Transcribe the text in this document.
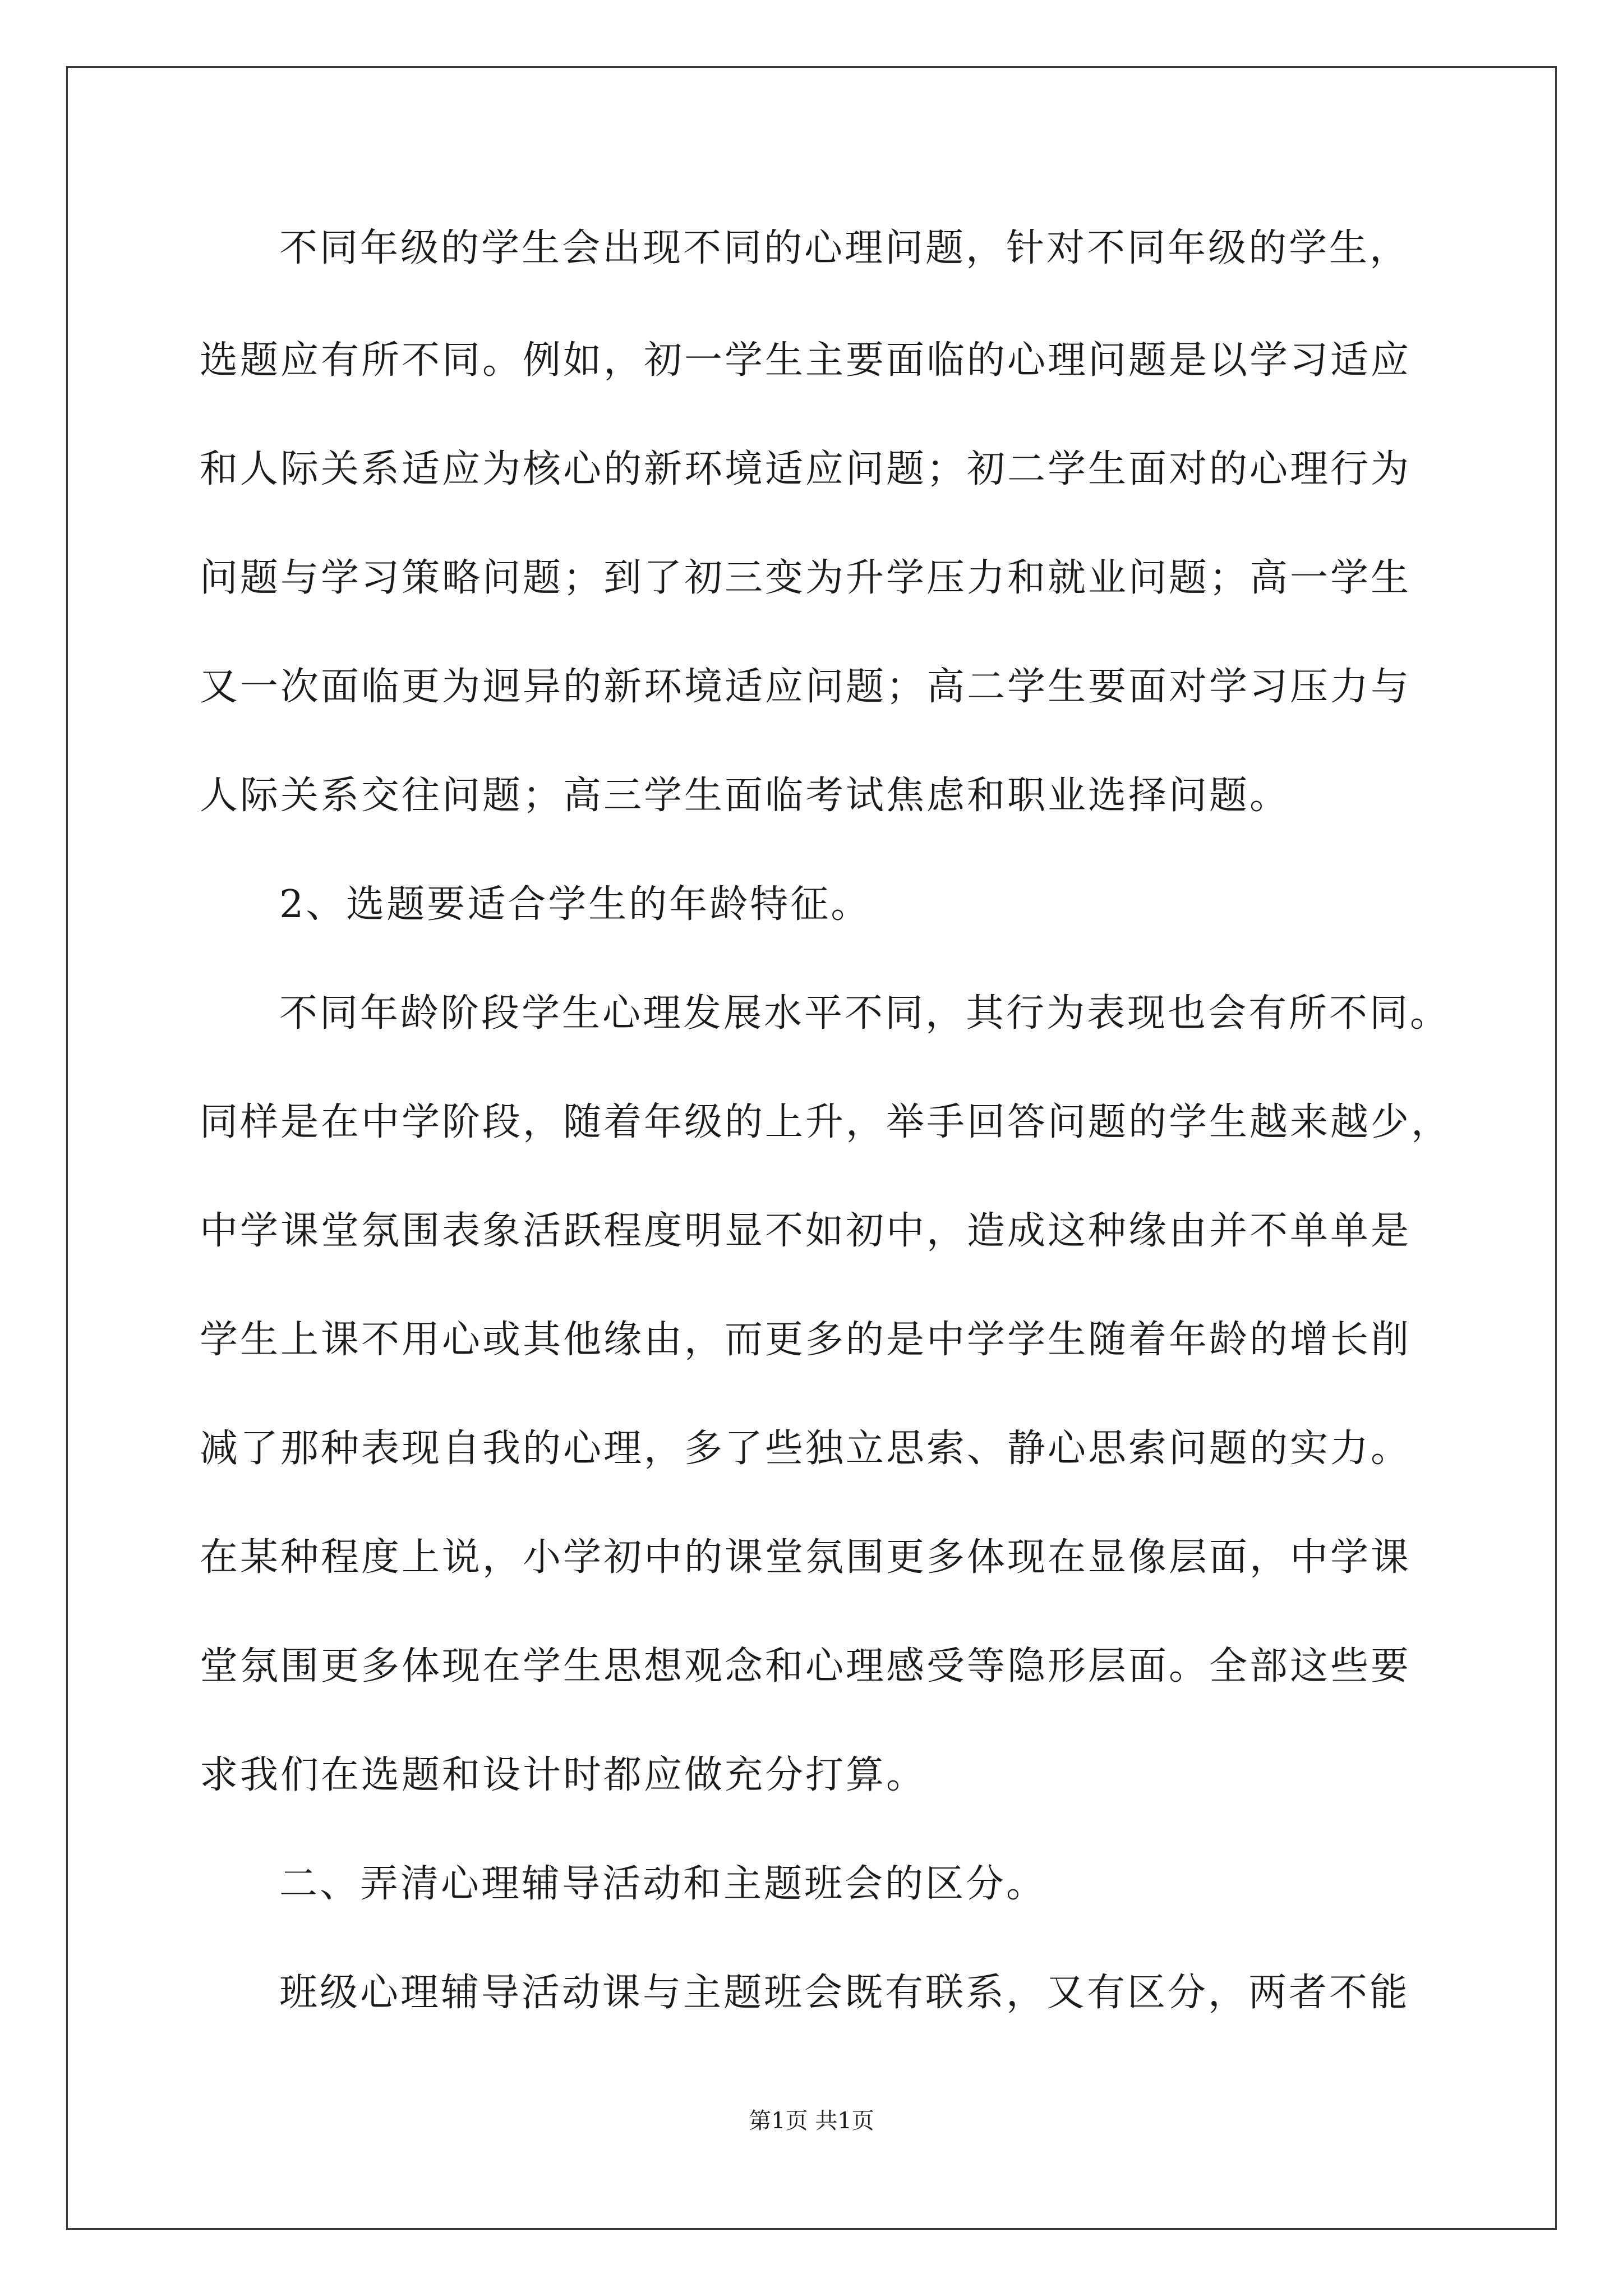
不同年级的学生会出现不同的心理问题，针对不同年级的学生，
选题应有所不同。例如，初一学生主要面临的心理问题是以学习适应
和人际关系适应为核心的新环境适应问题；初二学生面对的心理行为
问题与学习策略问题；到了初三变为升学压力和就业问题；高一学生
又一次面临更为迥异的新环境适应问题；高二学生要面对学习压力与
人际关系交往问题；高三学生面临考试焦虑和职业选择问题。
2、选题要适合学生的年龄特征。
不同年龄阶段学生心理发展水平不同，其行为表现也会有所不同。
同样是在中学阶段，随着年级的上升，举手回答问题的学生越来越少，
中学课堂氛围表象活跃程度明显不如初中，造成这种缘由并不单单是
学生上课不用心或其他缘由，而更多的是中学学生随着年龄的增长削
减了那种表现自我的心理，多了些独立思索、静心思索问题的实力。
在某种程度上说，小学初中的课堂氛围更多体现在显像层面，中学课
堂氛围更多体现在学生思想观念和心理感受等隐形层面。全部这些要
求我们在选题和设计时都应做充分打算。
二、弄清心理辅导活动和主题班会的区分。
班级心理辅导活动课与主题班会既有联系，又有区分，两者不能
第1页 共1页
